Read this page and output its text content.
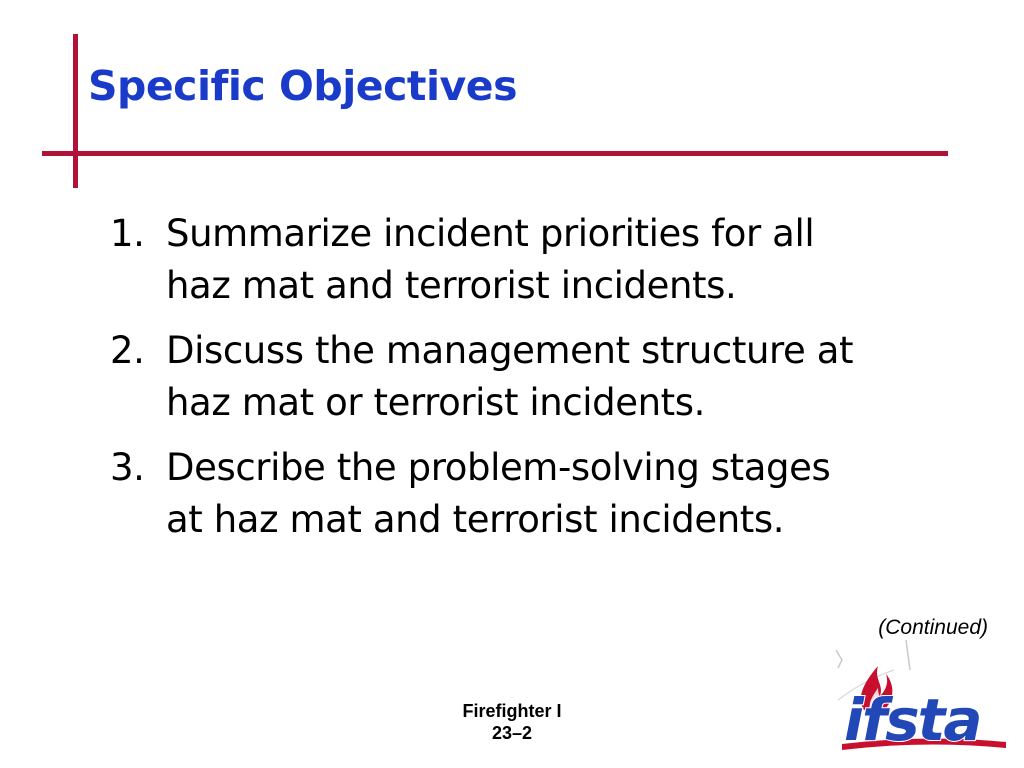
Specific Objectives
1. Summarize incident priorities for all
haz mat and terrorist incidents.
2. Discuss the management structure at
haz mat or terrorist incidents.
3. Describe the problem-solving stages
at haz mat and terrorist incidents.
(Continued)
Firefighter I
23–2	ifsta
